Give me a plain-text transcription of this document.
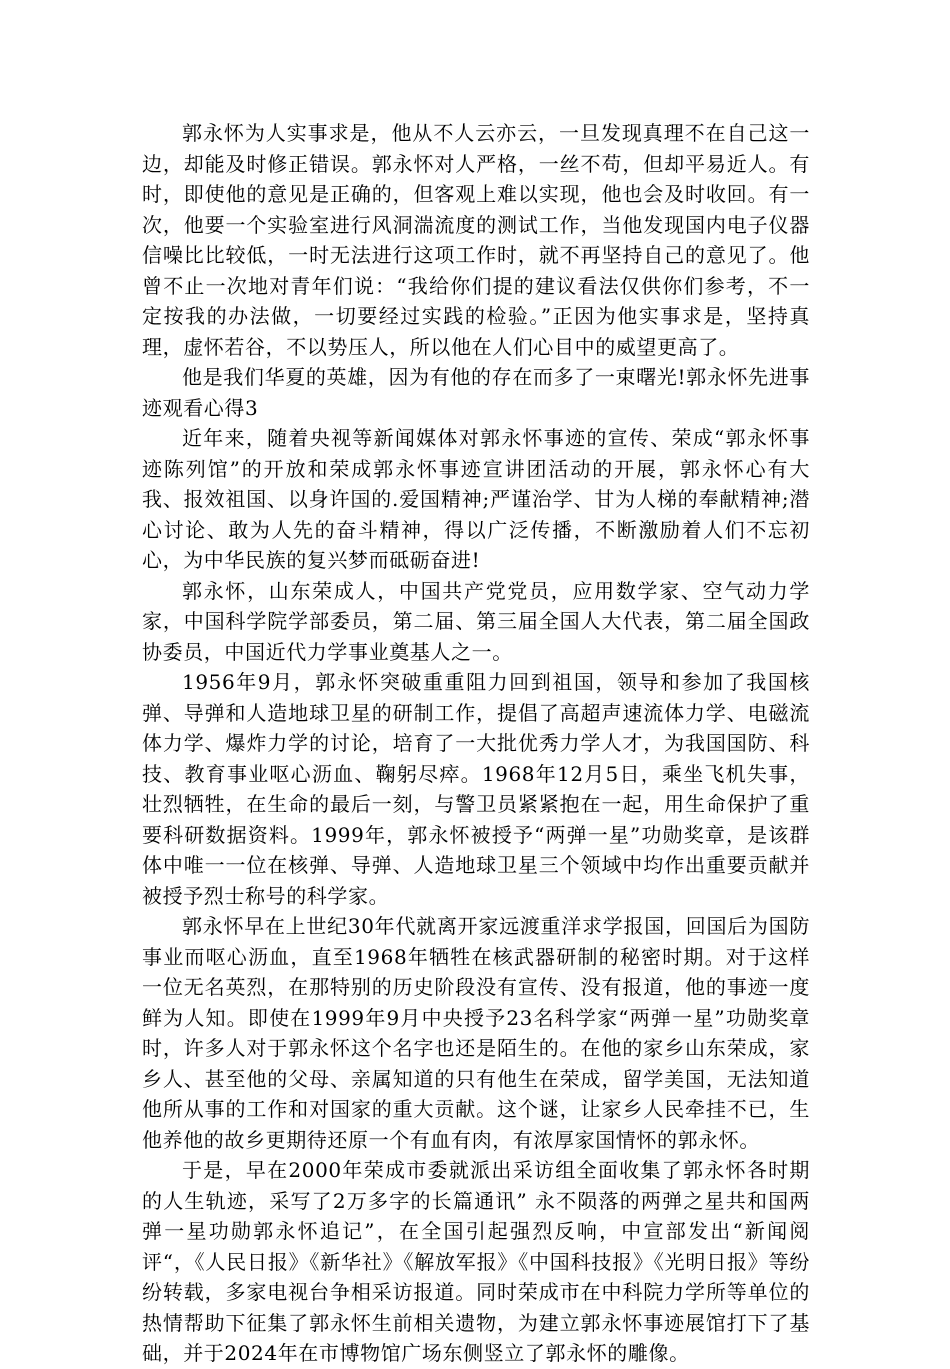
郭永怀为人实事求是，他从不人云亦云，一旦发现真理不在自己这一边，却能及时修正错误。郭永怀对人严格，一丝不苟，但却平易近人。有时，即使他的意见是正确的，但客观上难以实现，他也会及时收回。有一次，他要一个实验室进行风洞湍流度的测试工作，当他发现国内电子仪器信噪比比较低，一时无法进行这项工作时，就不再坚持自己的意见了。他曾不止一次地对青年们说：“我给你们提的建议看法仅供你们参考，不一定按我的办法做，一切要经过实践的检验。”正因为他实事求是，坚持真理，虚怀若谷，不以势压人，所以他在人们心目中的威望更高了。

他是我们华夏的英雄，因为有他的存在而多了一束曙光!郭永怀先进事迹观看心得3

近年来，随着央视等新闻媒体对郭永怀事迹的宣传、荣成“郭永怀事迹陈列馆”的开放和荣成郭永怀事迹宣讲团活动的开展，郭永怀心有大我、报效祖国、以身许国的.爱国精神;严谨治学、甘为人梯的奉献精神;潜心讨论、敢为人先的奋斗精神，得以广泛传播，不断激励着人们不忘初心，为中华民族的复兴梦而砥砺奋进!

郭永怀，山东荣成人，中国共产党党员，应用数学家、空气动力学家，中国科学院学部委员，第二届、第三届全国人大代表，第二届全国政协委员，中国近代力学事业奠基人之一。

1956年9月，郭永怀突破重重阻力回到祖国，领导和参加了我国核弹、导弹和人造地球卫星的研制工作，提倡了高超声速流体力学、电磁流体力学、爆炸力学的讨论，培育了一大批优秀力学人才，为我国国防、科技、教育事业呕心沥血、鞠躬尽瘁。1968年12月5日，乘坐飞机失事，壮烈牺牲，在生命的最后一刻，与警卫员紧紧抱在一起，用生命保护了重要科研数据资料。1999年，郭永怀被授予“两弹一星”功勋奖章，是该群体中唯一一位在核弹、导弹、人造地球卫星三个领域中均作出重要贡献并被授予烈士称号的科学家。

郭永怀早在上世纪30年代就离开家远渡重洋求学报国，回国后为国防事业而呕心沥血，直至1968年牺牲在核武器研制的秘密时期。对于这样一位无名英烈，在那特别的历史阶段没有宣传、没有报道，他的事迹一度鲜为人知。即使在1999年9月中央授予23名科学家“两弹一星”功勋奖章时，许多人对于郭永怀这个名字也还是陌生的。在他的家乡山东荣成，家乡人、甚至他的父母、亲属知道的只有他生在荣成，留学美国，无法知道他所从事的工作和对国家的重大贡献。这个谜，让家乡人民牵挂不已，生他养他的故乡更期待还原一个有血有肉，有浓厚家国情怀的郭永怀。

于是，早在2000年荣成市委就派出采访组全面收集了郭永怀各时期的人生轨迹，采写了2万多字的长篇通讯” 永不陨落的两弹之星共和国两弹一星功勋郭永怀追记”，在全国引起强烈反响，中宣部发出“新闻阅评“，《人民日报》《新华社》《解放军报》《中国科技报》《光明日报》等纷纷转载，多家电视台争相采访报道。同时荣成市在中科院力学所等单位的热情帮助下征集了郭永怀生前相关遗物，为建立郭永怀事迹展馆打下了基础，并于2024年在市博物馆广场东侧竖立了郭永怀的雕像。
